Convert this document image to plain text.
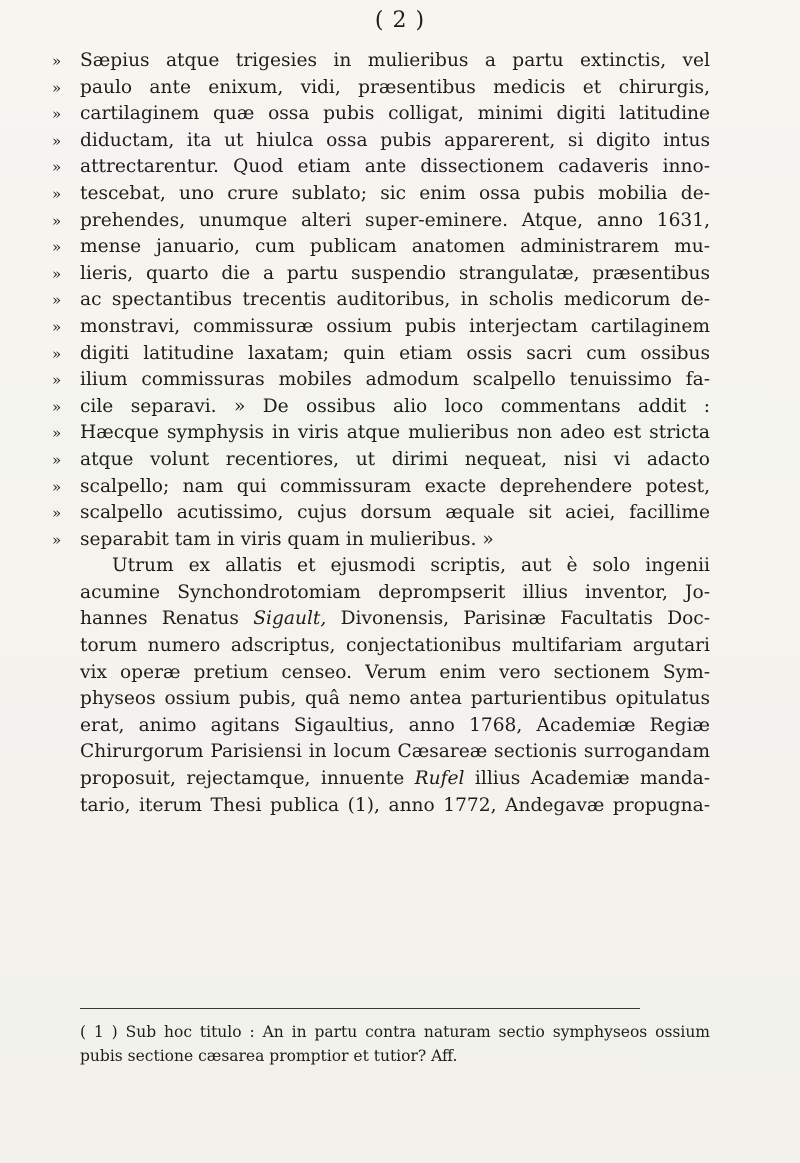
( 2 )
» Sæpius atque trigesies in mulieribus a partu extinctis, vel
» paulo ante enixum, vidi, præsentibus medicis et chirurgis,
» cartilaginem quæ ossa pubis colligat, minimi digiti latitudine
» diductam, ita ut hiulca ossa pubis apparerent, si digito intus
» attrectarentur. Quod etiam ante dissectionem cadaveris inno-
» tescebat, uno crure sublato; sic enim ossa pubis mobilia de-
» prehendes, unumque alteri super-eminere. Atque, anno 1631,
» mense januario, cum publicam anatomen administrarem mu-
» lieris, quarto die a partu suspendio strangulatæ, præsentibus
» ac spectantibus trecentis auditoribus, in scholis medicorum de-
» monstravi, commissuræ ossium pubis interjectam cartilaginem
» digiti latitudine laxatam; quin etiam ossis sacri cum ossibus
» ilium commissuras mobiles admodum scalpello tenuissimo fa-
» cile separavi. » De ossibus alio loco commentans addit :
» Hæcque symphysis in viris atque mulieribus non adeo est stricta
» atque volunt recentiores, ut dirimi nequeat, nisi vi adacto
» scalpello; nam qui commissuram exacte deprehendere potest,
» scalpello acutissimo, cujus dorsum æquale sit aciei, facillime
» separabit tam in viris quam in mulieribus. »
Utrum ex allatis et ejusmodi scriptis, aut è solo ingenii
acumine Synchondrotomiam deprompserit illius inventor, Jo-
hannes Renatus Sigault, Divonensis, Parisinæ Facultatis Doc-
torum numero adscriptus, conjectationibus multifariam argutari
vix operæ pretium censeo. Verum enim vero sectionem Sym-
physeos ossium pubis, quâ nemo antea parturientibus opitulatus
erat, animo agitans Sigaultius, anno 1768, Academiæ Regiæ
Chirurgorum Parisiensi in locum Cæsareæ sectionis surrogandam
proposuit, rejectamque, innuente Rufel illius Academiæ manda-
tario, iterum Thesi publica (1), anno 1772, Andegavæ propugna-
( 1 ) Sub hoc titulo : An in partu contra naturam sectio symphyseos ossium
pubis sectione cæsarea promptior et tutior? Aff.
